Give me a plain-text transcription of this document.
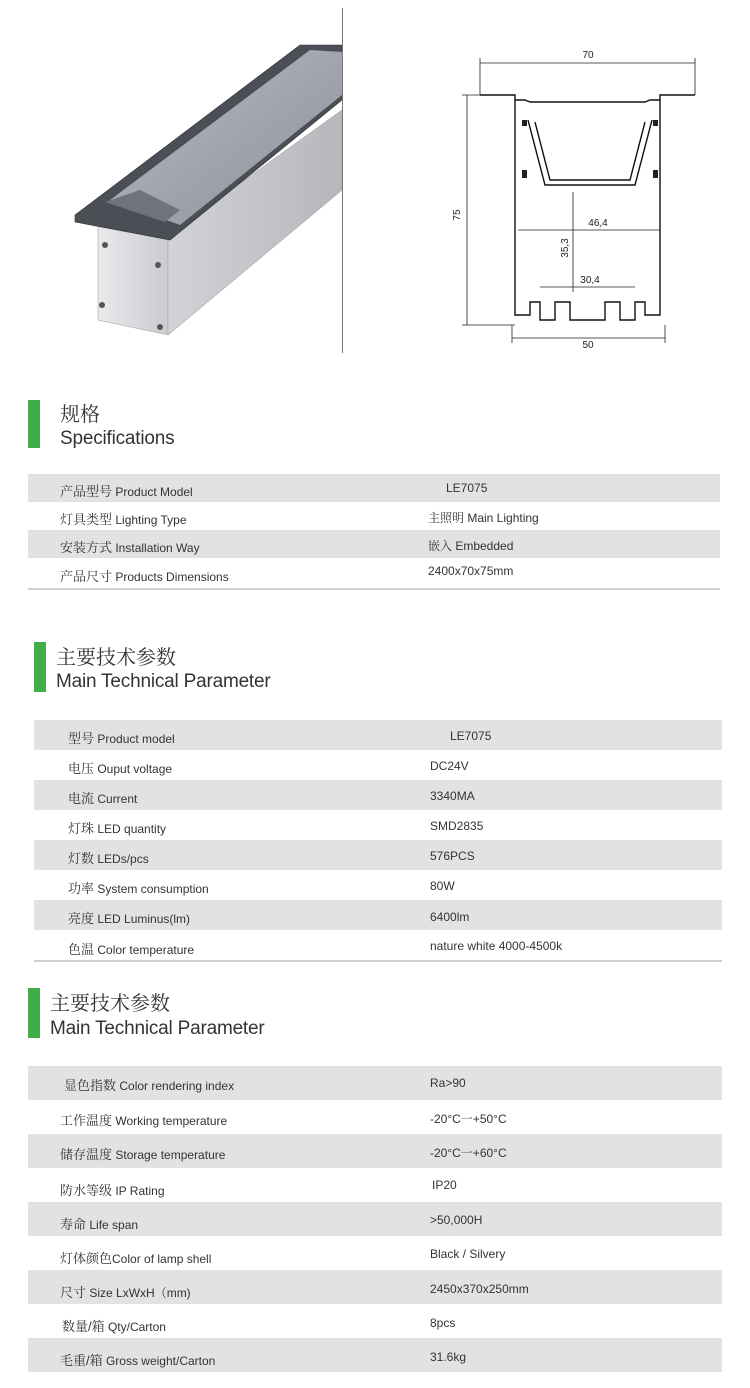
70
75
46,4
35,3
30,4
50
规格
Specifications
产品型号 Product Model	LE7075
灯具类型 Lighting Type	主照明 Main Lighting
安装方式 Installation Way	嵌入 Embedded
产品尺寸 Products Dimensions	2400x70x75mm
主要技术参数
Main Technical Parameter
型号 Product model	LE7075
电压 Ouput voltage	DC24V
电流 Current	3340MA
灯珠 LED quantity	SMD2835
灯数 LEDs/pcs	576PCS
功率 System consumption	80W
亮度 LED Luminus(lm)	6400lm
色温 Color temperature	nature white 4000-4500k
主要技术参数
Main Technical Parameter
显色指数 Color rendering index	Ra>90
工作温度 Working temperature	-20°C一+50°C
储存温度 Storage temperature	-20°C一+60°C
防水等级 IP Rating	IP20
寿命 Life span	>50,000H
灯体颜色Color of lamp shell	Black / Silvery
尺寸 Size LxWxH（mm)	2450x370x250mm
数量/箱 Qty/Carton	8pcs
毛重/箱 Gross weight/Carton	31.6kg
